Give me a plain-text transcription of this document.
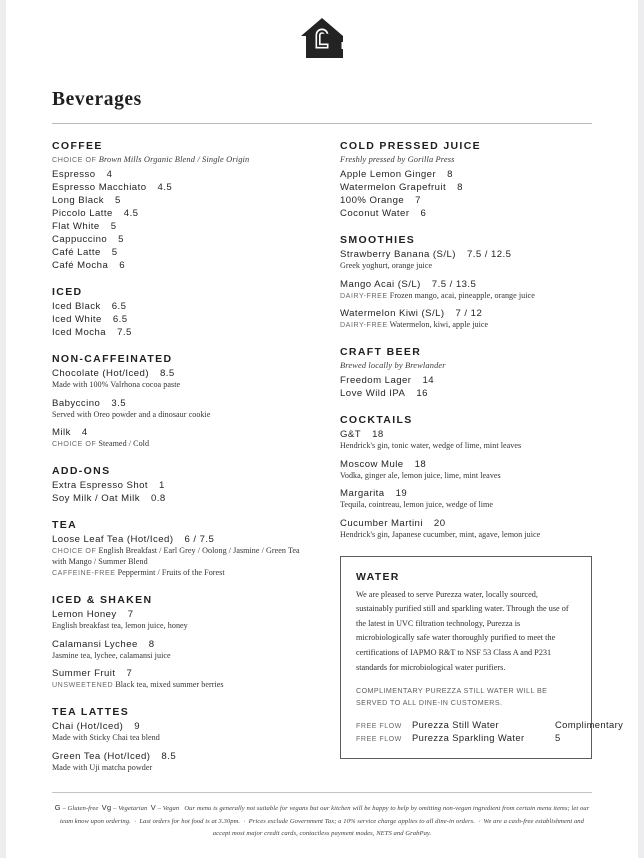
Beverages
COFFEE
CHOICE OF Brown Mills Organic Blend / Single Origin
Espresso 4
Espresso Macchiato 4.5
Long Black 5
Piccolo Latte 4.5
Flat White 5
Cappuccino 5
Café Latte 5
Café Mocha 6
ICED
Iced Black 6.5
Iced White 6.5
Iced Mocha 7.5
NON-CAFFEINATED
Chocolate (Hot/Iced) 8.5
Made with 100% Valrhona cocoa paste
Babyccino 3.5
Served with Oreo powder and a dinosaur cookie
Milk 4
CHOICE OF Steamed / Cold
ADD-ONS
Extra Espresso Shot 1
Soy Milk / Oat Milk 0.8
TEA
Loose Leaf Tea (Hot/Iced) 6 / 7.5
CHOICE OF English Breakfast / Earl Grey / Oolong / Jasmine / Green Tea with Mango / Summer Blend
CAFFEINE-FREE Peppermint / Fruits of the Forest
ICED & SHAKEN
Lemon Honey 7
English breakfast tea, lemon juice, honey
Calamansi Lychee 8
Jasmine tea, lychee, calamansi juice
Summer Fruit 7
UNSWEETENED Black tea, mixed summer berries
TEA LATTES
Chai (Hot/Iced) 9
Made with Sticky Chai tea blend
Green Tea (Hot/Iced) 8.5
Made with Uji matcha powder
COLD PRESSED JUICE
Freshly pressed by Gorilla Press
Apple Lemon Ginger 8
Watermelon Grapefruit 8
100% Orange 7
Coconut Water 6
SMOOTHIES
Strawberry Banana (S/L) 7.5 / 12.5
Greek yoghurt, orange juice
Mango Acai (S/L) 7.5 / 13.5
DAIRY-FREE Frozen mango, acai, pineapple, orange juice
Watermelon Kiwi (S/L) 7 / 12
DAIRY-FREE Watermelon, kiwi, apple juice
CRAFT BEER
Brewed locally by Brewlander
Freedom Lager 14
Love Wild IPA 16
COCKTAILS
G&T 18
Hendrick's gin, tonic water, wedge of lime, mint leaves
Moscow Mule 18
Vodka, ginger ale, lemon juice, lime, mint leaves
Margarita 19
Tequila, cointreau, lemon juice, wedge of lime
Cucumber Martini 20
Hendrick's gin, Japanese cucumber, mint, agave, lemon juice
WATER
We are pleased to serve Purezza water, locally sourced, sustainably purified still and sparkling water. Through the use of the latest in UVC filtration technology, Purezza is microbiologically safe water thoroughly purified to meet the certifications of IAPMO R&T to NSF 53 Class A and P231 standards for microbiological water purifiers.
COMPLIMENTARY PUREZZA STILL WATER WILL BE SERVED TO ALL DINE-IN CUSTOMERS.
FREE FLOW	Purezza Still Water	Complimentary
FREE FLOW	Purezza Sparkling Water	5
G – Gluten-free Vg – Vegetarian V – Vegan Our menu is generally not suitable for vegans but our kitchen will be happy to help by omitting non-vegan ingredient from certain menu items; let our team know upon ordering.  ·  Last orders for hot food is at 3.30pm.  ·  Prices exclude Government Tax; a 10% service charge applies to all dine-in orders.  ·  We are a cash-free establishment and accept most major credit cards, contactless payment modes, NETS and GrabPay.
